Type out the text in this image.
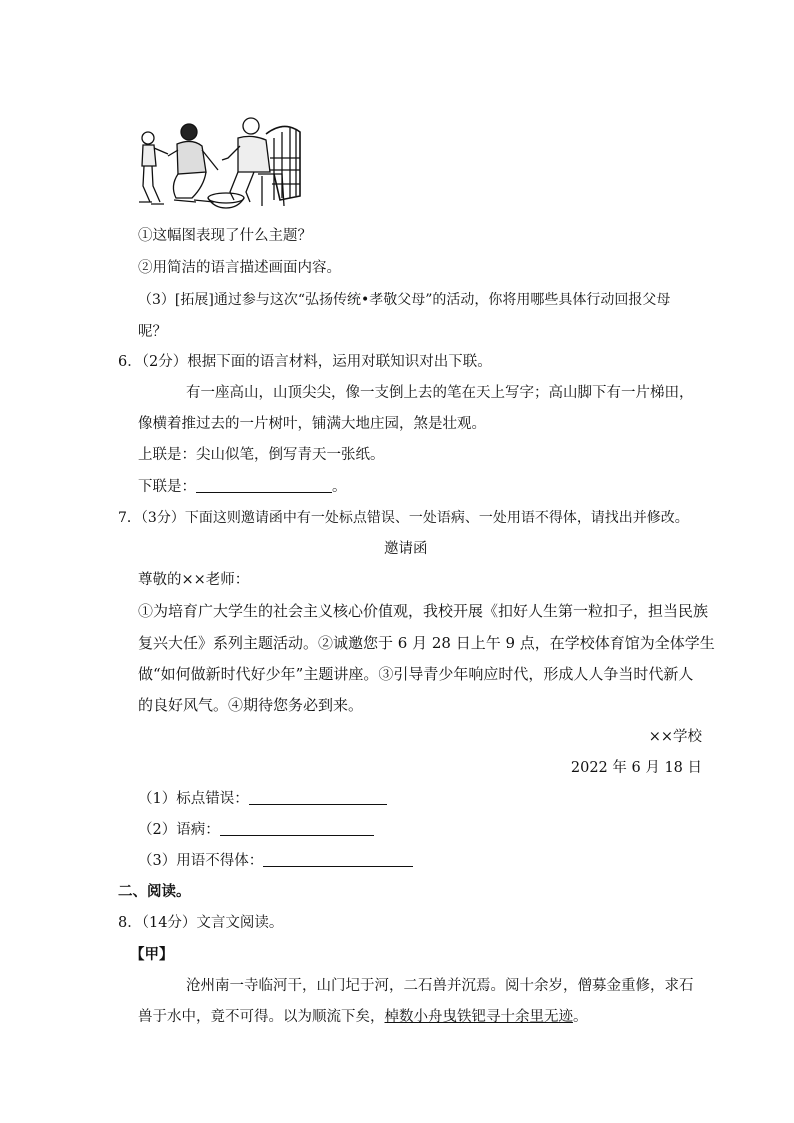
①这幅图表现了什么主题？
②用简洁的语言描述画面内容。
（3）[拓展]通过参与这次“弘扬传统•孝敬父母”的活动，你将用哪些具体行动回报父母
呢？
6．（2分）根据下面的语言材料，运用对联知识对出下联。
有一座高山，山顶尖尖，像一支倒上去的笔在天上写字；高山脚下有一片梯田，
像横着推过去的一片树叶，铺满大地庄园，煞是壮观。
上联是：尖山似笔，倒写青天一张纸。
下联是：	。
7．（3分）下面这则邀请函中有一处标点错误、一处语病、一处用语不得体，请找出并修改。
邀请函
尊敬的××老师：
①为培育广大学生的社会主义核心价值观，我校开展《扣好人生第一粒扣子，担当民族
复兴大任》系列主题活动。②诚邀您于 6 月 28 日上午 9 点，在学校体育馆为全体学生
做“如何做新时代好少年”主题讲座。③引导青少年响应时代，形成人人争当时代新人
的良好风气。④期待您务必到来。
××学校
2022 年 6 月 18 日
（1）标点错误：
（2）语病：
（3）用语不得体：
二、阅读。
8．（14分）文言文阅读。
【甲】
沧州南一寺临河干，山门圮于河，二石兽并沉焉。阅十余岁，僧募金重修，求石
兽于水中，竟不可得。以为顺流下矣，棹数小舟曳铁钯寻十余里无迹。
